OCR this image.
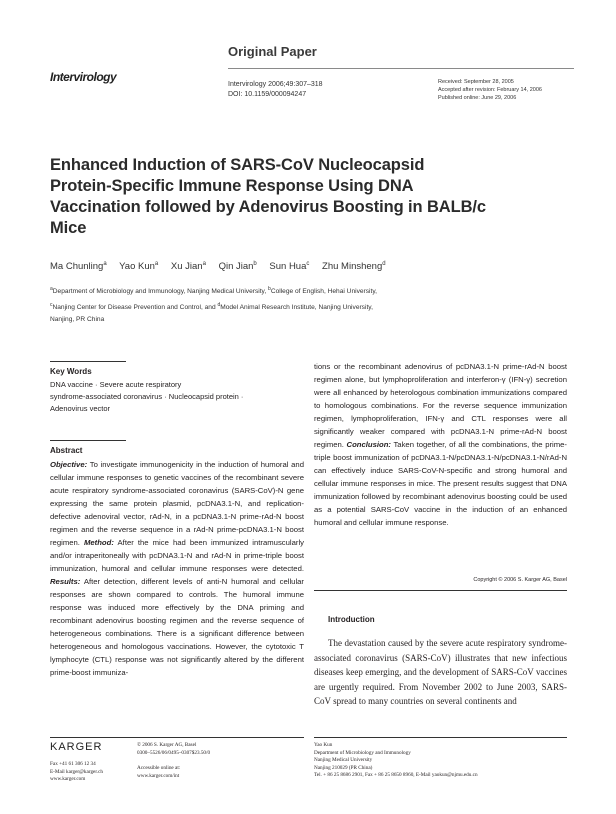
Original Paper
Intervirology
Intervirology 2006;49:307–318
DOI: 10.1159/000094247
Received: September 28, 2005
Accepted after revision: February 14, 2006
Published online: June 29, 2006
Enhanced Induction of SARS-CoV Nucleocapsid Protein-Specific Immune Response Using DNA Vaccination followed by Adenovirus Boosting in BALB/c Mice
Ma Chunling$^a$ Yao Kun$^a$ Xu Jian$^a$ Qin Jian$^b$ Sun Hua$^c$ Zhu Minsheng$^d$
$^a$Department of Microbiology and Immunology, Nanjing Medical University, $^b$College of English, Hehai University,
$^c$Nanjing Center for Disease Prevention and Control, and $^d$Model Animal Research Institute, Nanjing University,
Nanjing, PR China
Key Words
DNA vaccine · Severe acute respiratory
syndrome-associated coronavirus · Nucleocapsid protein ·
Adenovirus vector
Abstract
Objective: To investigate immunogenicity in the induction of humoral and cellular immune responses to genetic vaccines of the recombinant severe acute respiratory syndrome-associated coronavirus (SARS-CoV)-N gene expressing the same protein plasmid, pcDNA3.1-N, and replication-defective adenoviral vector, rAd-N, in a pcDNA3.1-N prime-rAd-N boost regimen and the reverse sequence in a rAd-N prime-pcDNA3.1-N boost regimen. Method: After the mice had been immunized intramuscularly and/or intraperitoneally with pcDNA3.1-N and rAd-N in prime-triple boost immunization, humoral and cellular immune responses were detected. Results: After detection, different levels of anti-N humoral and cellular responses are shown compared to controls. The humoral immune response was induced more effectively by the DNA priming and recombinant adenovirus boosting regimen and the reverse sequence of heterogeneous combinations. There is a significant difference between heterogeneous and homologous vaccinations. However, the cytotoxic T lymphocyte (CTL) response was not significantly altered by the different prime-boost immuniza-
tions or the recombinant adenovirus of pcDNA3.1-N prime-rAd-N boost regimen alone, but lymphoproliferation and interferon-γ (IFN-γ) secretion were all enhanced by heterologous combination immunizations compared to homologous combinations. For the reverse sequence immunization regimen, lymphoproliferation, IFN-γ and CTL responses were all significantly weaker compared with pcDNA3.1-N prime-rAd-N boost regimen. Conclusion: Taken together, of all the combinations, the prime-triple boost immunization of pcDNA3.1-N/pcDNA3.1-N/pcDNA3.1-N/rAd-N can effectively induce SARS-CoV-N-specific and strong humoral and cellular immune responses in mice. The present results suggest that DNA immunization followed by recombinant adenovirus boosting could be used as a potential SARS-CoV vaccine in the induction of an enhanced humoral and cellular immune response.
Copyright © 2006 S. Karger AG, Basel
Introduction
The devastation caused by the severe acute respiratory syndrome-associated coronavirus (SARS-CoV) illustrates that new infectious diseases keep emerging, and the development of SARS-CoV vaccines are urgently required. From November 2002 to June 2003, SARS-CoV spread to many countries on several continents and
KARGER
Fax +41 61 306 12 34
E-Mail karger@karger.ch
www.karger.com
© 2006 S. Karger AG, Basel
0300–5526/06/0495–0307$23.50/0
Accessible online at:
www.karger.com/int
Yao Kun
Department of Microbiology and Immunology
Nanjing Medical University
Nanjing 210029 (PR China)
Tel. + 86 25 8686 2901, Fax + 86 25 8650 8960, E-Mail yaokun@njmu.edu.cn
